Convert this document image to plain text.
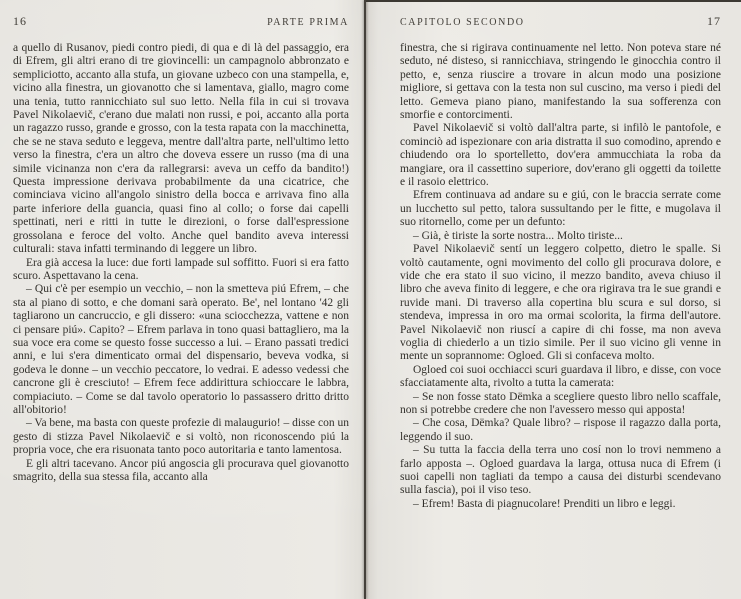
16	PARTE PRIMA

a quello di Rusanov, piedi contro piedi, di qua e di là del passaggio, era di Efrem, gli altri erano di tre giovincelli: un campagnolo abbronzato e sempliciotto, accanto alla stufa, un giovane uzbeco con una stampella, e, vicino alla finestra, un giovanotto che si lamentava, giallo, magro come una tenia, tutto rannicchiato sul suo letto. Nella fila in cui si trovava Pavel Nikolaevič, c'erano due malati non russi, e poi, accanto alla porta un ragazzo russo, grande e grosso, con la testa rapata con la macchinetta, che se ne stava seduto e leggeva, mentre dall'altra parte, nell'ultimo letto verso la finestra, c'era un altro che doveva essere un russo (ma di una simile vicinanza non c'era da rallegrarsi: aveva un ceffo da bandito!) Questa impressione derivava probabilmente da una cicatrice, che cominciava vicino all'angolo sinistro della bocca e arrivava fino alla parte inferiore della guancia, quasi fino al collo; o forse dai capelli spettinati, neri e ritti in tutte le direzioni, o forse dall'espressione grossolana e feroce del volto. Anche quel bandito aveva interessi culturali: stava infatti terminando di leggere un libro.

Era già accesa la luce: due forti lampade sul soffitto. Fuori si era fatto scuro. Aspettavano la cena.

– Qui c'è per esempio un vecchio, – non la smetteva piú Efrem, – che sta al piano di sotto, e che domani sarà operato. Be', nel lontano '42 gli tagliarono un cancruccio, e gli dissero: «una sciocchezza, vattene e non ci pensare piú». Capito? – Efrem parlava in tono quasi battagliero, ma la sua voce era come se questo fosse successo a lui. – Erano passati tredici anni, e lui s'era dimenticato ormai del dispensario, beveva vodka, si godeva le donne – un vecchio peccatore, lo vedrai. E adesso vedessi che cancrone gli è cresciuto! – Efrem fece addirittura schioccare le labbra, compiaciuto. – Come se dal tavolo operatorio lo passassero dritto dritto all'obitorio!

– Va bene, ma basta con queste profezie di malaugurio! – disse con un gesto di stizza Pavel Nikolaevič e si voltò, non riconoscendo piú la propria voce, che era risuonata tanto poco autoritaria e tanto lamentosa.

E gli altri tacevano. Ancor piú angoscia gli procurava quel giovanotto smagrito, della sua stessa fila, accanto alla

CAPITOLO SECONDO	17

finestra, che si rigirava continuamente nel letto. Non poteva stare né seduto, né disteso, si rannicchiava, stringendo le ginocchia contro il petto, e, senza riuscire a trovare in alcun modo una posizione migliore, si gettava con la testa non sul cuscino, ma verso i piedi del letto. Gemeva piano piano, manifestando la sua sofferenza con smorfie e contorcimenti.

Pavel Nikolaevič si voltò dall'altra parte, si infilò le pantofole, e cominciò ad ispezionare con aria distratta il suo comodino, aprendo e chiudendo ora lo sportelletto, dov'era ammucchiata la roba da mangiare, ora il cassettino superiore, dov'erano gli oggetti da toilette e il rasoio elettrico.

Efrem continuava ad andare su e giú, con le braccia serrate come un lucchetto sul petto, talora sussultando per le fitte, e mugolava il suo ritornello, come per un defunto:

– Già, è tiriste la sorte nostra... Molto tiriste...

Pavel Nikolaevič sentí un leggero colpetto, dietro le spalle. Si voltò cautamente, ogni movimento del collo gli procurava dolore, e vide che era stato il suo vicino, il mezzo bandito, aveva chiuso il libro che aveva finito di leggere, e che ora rigirava tra le sue grandi e ruvide mani. Di traverso alla copertina blu scura e sul dorso, si stendeva, impressa in oro ma ormai scolorita, la firma dell'autore. Pavel Nikolaevič non riuscí a capire di chi fosse, ma non aveva voglia di chiederlo a un tizio simile. Per il suo vicino gli venne in mente un soprannome: Ogloed. Gli si confaceva molto.

Ogloed coi suoi occhiacci scuri guardava il libro, e disse, con voce sfacciatamente alta, rivolto a tutta la camerata:

– Se non fosse stato Dëmka a scegliere questo libro nello scaffale, non si potrebbe credere che non l'avessero messo qui apposta!

– Che cosa, Dëmka? Quale libro? – rispose il ragazzo dalla porta, leggendo il suo.

– Su tutta la faccia della terra uno cosí non lo trovi nemmeno a farlo apposta –. Ogloed guardava la larga, ottusa nuca di Efrem (i suoi capelli non tagliati da tempo a causa dei disturbi scendevano sulla fascia), poi il viso teso.

– Efrem! Basta di piagnucolare! Prenditi un libro e leggi.
